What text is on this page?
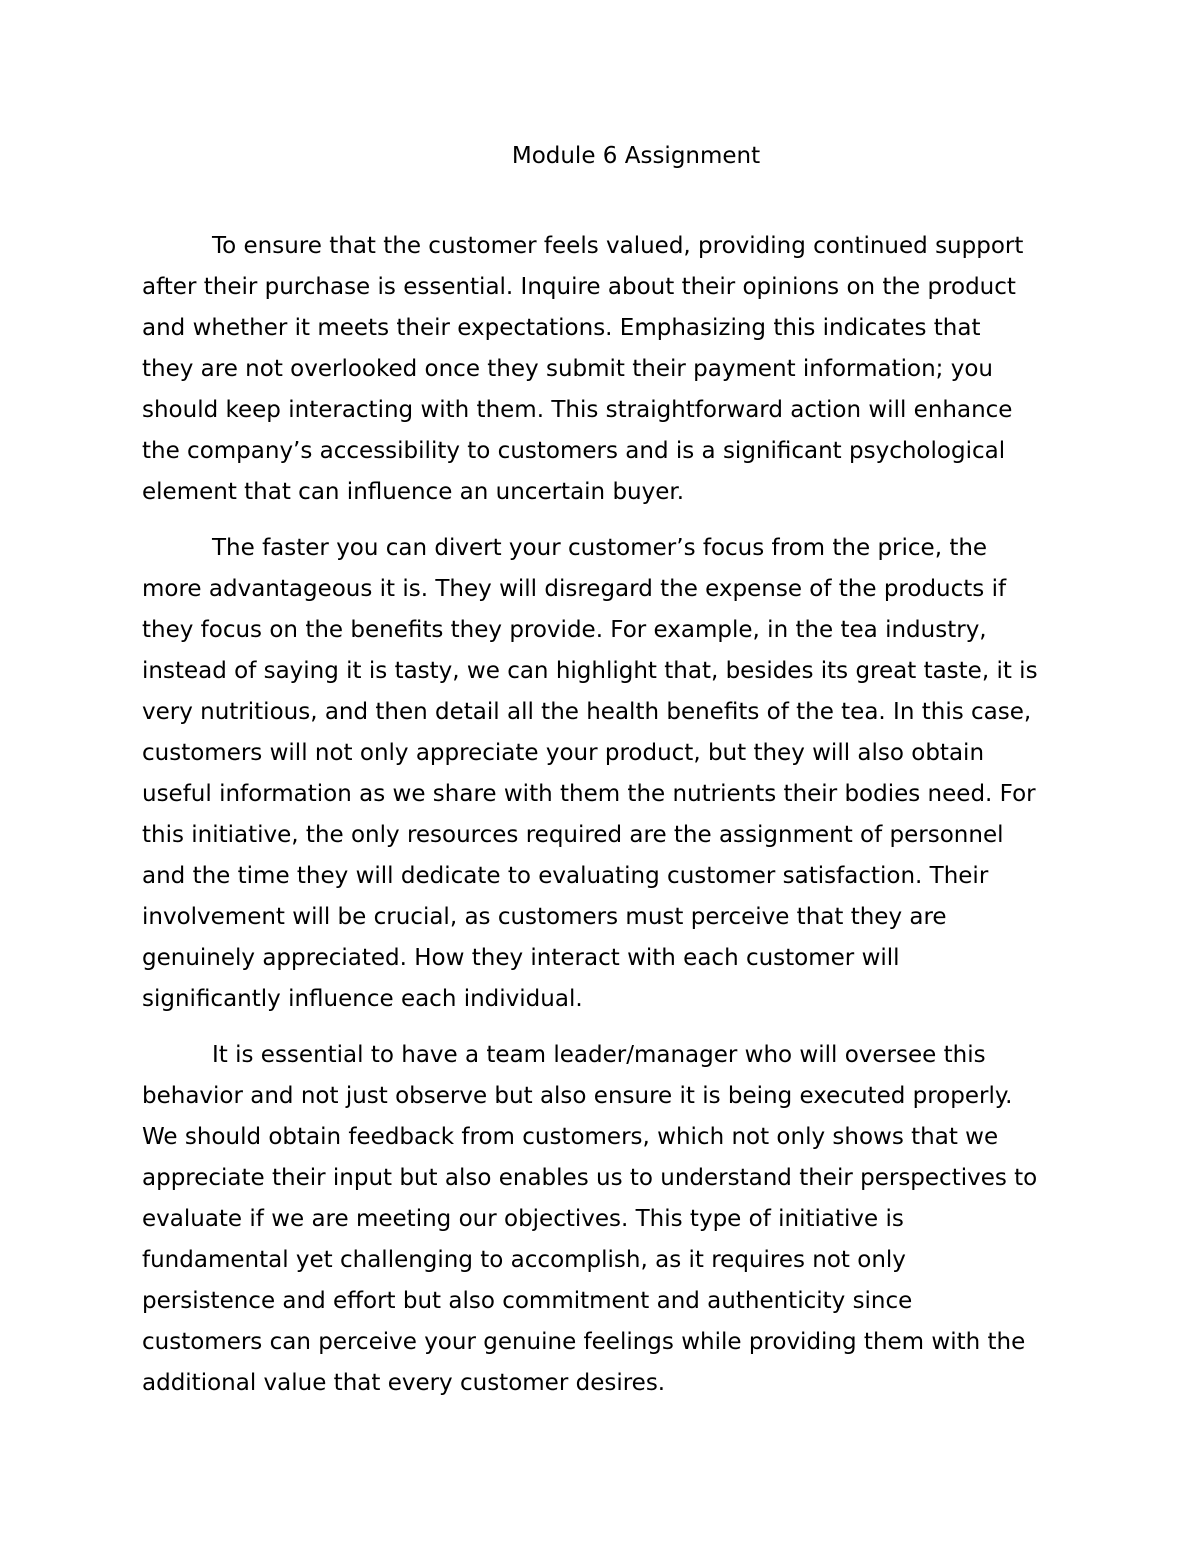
Module 6 Assignment

To ensure that the customer feels valued, providing continued support
after their purchase is essential. Inquire about their opinions on the product
and whether it meets their expectations. Emphasizing this indicates that
they are not overlooked once they submit their payment information; you
should keep interacting with them. This straightforward action will enhance
the company’s accessibility to customers and is a significant psychological
element that can influence an uncertain buyer.

The faster you can divert your customer’s focus from the price, the
more advantageous it is. They will disregard the expense of the products if
they focus on the benefits they provide. For example, in the tea industry,
instead of saying it is tasty, we can highlight that, besides its great taste, it is
very nutritious, and then detail all the health benefits of the tea. In this case,
customers will not only appreciate your product, but they will also obtain
useful information as we share with them the nutrients their bodies need. For
this initiative, the only resources required are the assignment of personnel
and the time they will dedicate to evaluating customer satisfaction. Their
involvement will be crucial, as customers must perceive that they are
genuinely appreciated. How they interact with each customer will
significantly influence each individual.

It is essential to have a team leader/manager who will oversee this
behavior and not just observe but also ensure it is being executed properly.
We should obtain feedback from customers, which not only shows that we
appreciate their input but also enables us to understand their perspectives to
evaluate if we are meeting our objectives. This type of initiative is
fundamental yet challenging to accomplish, as it requires not only
persistence and effort but also commitment and authenticity since
customers can perceive your genuine feelings while providing them with the
additional value that every customer desires.
